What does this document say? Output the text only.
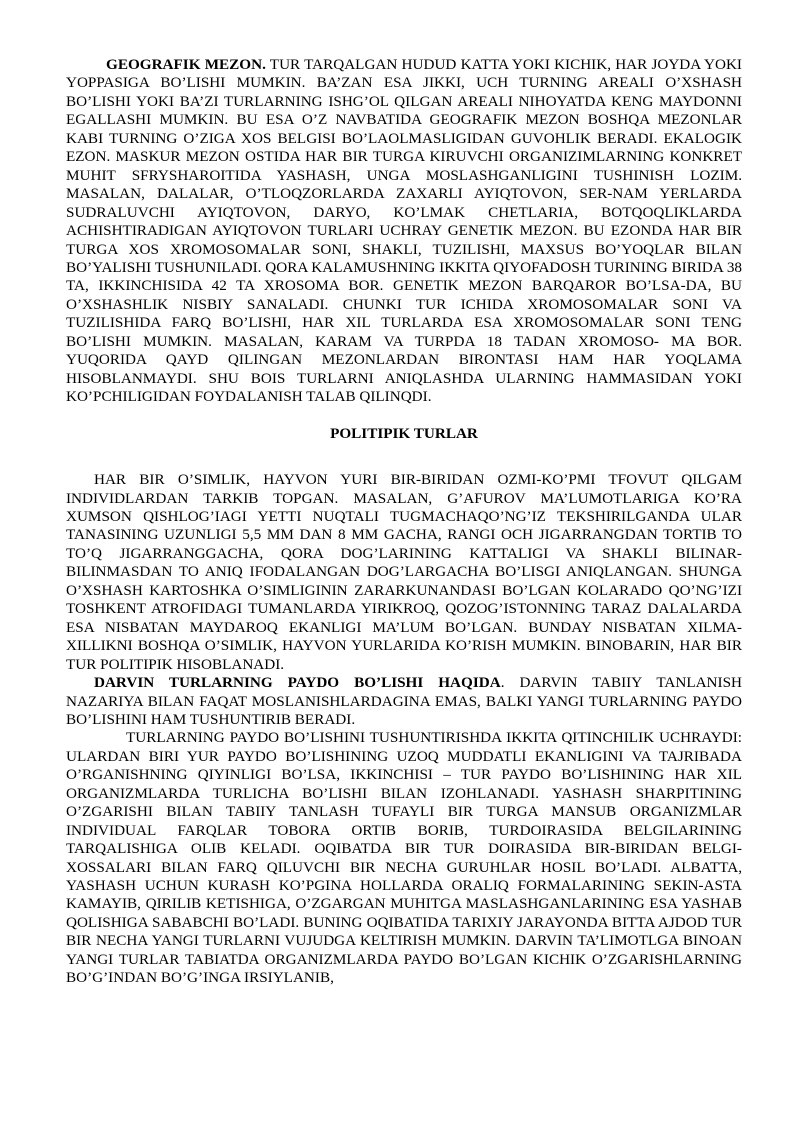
GEOGRAFIK MEZON. TUR TARQALGAN HUDUD KATTA YOKI KICHIK, HAR JOYDA YOKI YOPPASIGA BO’LISHI MUMKIN. BA’ZAN ESA JIKKI, UCH TURNING AREALI O’XSHASH BO’LISHI YOKI BA’ZI TURLARNING ISHG’OL QILGAN AREALI NIHOYATDA KENG MAYDONNI EGALLASHI MUMKIN. BU ESA O’Z NAVBATIDA GEOGRAFIK MEZON BOSHQA MEZONLAR KABI TURNING O’ZIGA XOS BELGISI BO’LAOLMASLIGIDAN GUVOHLIK BERADI. EKALOGIK EZON. MASKUR MEZON OSTIDA HAR BIR TURGA KIRUVCHI ORGANIZIMLARNING KONKRET MUHIT SFRYSHAROITIDA YASHASH, UNGA MOSLASHGANLIGINI TUSHINISH LOZIM. MASALAN, DALALAR, O’TLOQZORLARDA ZAXARLI AYIQTOVON, SER-NAM YERLARDA SUDRALUVCHI AYIQTOVON, DARYO, KO’LMAK CHETLARIA, BOTQOQLIKLARDA ACHISHTIRADIGAN AYIQTOVON TURLARI UCHRAY GENETIK MEZON. BU EZONDA HAR BIR TURGA XOS XROMOSOMALAR SONI, SHAKLI, TUZILISHI, MAXSUS BO’YOQLAR BILAN BO’YALISHI TUSHUNILADI. QORA KALAMUSHNING IKKITA QIYOFADOSH TURINING BIRIDA 38 TA, IKKINCHISIDA 42 TA XROSOMA BOR. GENETIK MEZON BARQAROR BO’LSA-DA, BU O’XSHASHLIK NISBIY SANALADI. CHUNKI TUR ICHIDA XROMOSOMALAR SONI VA TUZILISHIDA FARQ BO’LISHI, HAR XIL TURLARDA ESA XROMOSOMALAR SONI TENG BO’LISHI MUMKIN. MASALAN, KARAM VA TURPDA 18 TADAN XROMOSO- MA BOR. YUQORIDA QAYD QILINGAN MEZONLARDAN BIRONTASI HAM HAR YOQLAMA HISOBLANMAYDI. SHU BOIS TURLARNI ANIQLASHDA ULARNING HAMMASIDAN YOKI KO’PCHILIGIDAN FOYDALANISH TALAB QILINQDI.

POLITIPIK TURLAR

HAR BIR O’SIMLIK, HAYVON YURI BIR-BIRIDAN OZMI-KO’PMI TFOVUT QILGAM INDIVIDLARDAN TARKIB TOPGAN. MASALAN, G’AFUROV MA’LUMOTLARIGA KO’RA XUMSON QISHLOG’IAGI YETTI NUQTALI TUGMACHAQO’NG’IZ TEKSHIRILGANDA ULAR TANASINING UZUNLIGI 5,5 MM DAN 8 MM GACHA, RANGI OCH JIGARRANGDAN TORTIB TO TO’Q JIGARRANGGACHA, QORA DOG’LARINING KATTALIGI VA SHAKLI BILINAR-BILINMASDAN TO ANIQ IFODALANGAN DOG’LARGACHA BO’LISGI ANIQLANGAN. SHUNGA O’XSHASH KARTOSHKA O’SIMLIGININ ZARARKUNANDASI BO’LGAN KOLARADO QO’NG’IZI TOSHKENT ATROFIDAGI TUMANLARDA YIRIKROQ, QOZOG’ISTONNING TARAZ DALALARDA ESA NISBATAN MAYDAROQ EKANLIGI MA’LUM BO’LGAN. BUNDAY NISBATAN XILMA-XILLIKNI BOSHQA O’SIMLIK, HAYVON YURLARIDA KO’RISH MUMKIN. BINOBARIN, HAR BIR TUR POLITIPIK HISOBLANADI.

DARVIN TURLARNING PAYDO BO’LISHI HAQIDA. DARVIN TABIIY TANLANISH NAZARIYA BILAN FAQAT MOSLANISHLARDAGINA EMAS, BALKI YANGI TURLARNING PAYDO BO’LISHINI HAM TUSHUNTIRIB BERADI.

TURLARNING PAYDO BO’LISHINI TUSHUNTIRISHDA IKKITA QITINCHILIK UCHRAYDI: ULARDAN BIRI YUR PAYDO BO’LISHINING UZOQ MUDDATLI EKANLIGINI VA TAJRIBADA O’RGANISHNING QIYINLIGI BO’LSA, IKKINCHISI – TUR PAYDO BO’LISHINING HAR XIL ORGANIZMLARDA TURLICHA BO’LISHI BILAN IZOHLANADI. YASHASH SHARPITINING O’ZGARISHI BILAN TABIIY TANLASH TUFAYLI BIR TURGA MANSUB ORGANIZMLAR INDIVIDUAL FARQLAR TOBORA ORTIB BORIB, TURDOIRASIDA BELGILARINING TARQALISHIGA OLIB KELADI. OQIBATDA BIR TUR DOIRASIDA BIR-BIRIDAN BELGI-XOSSALARI BILAN FARQ QILUVCHI BIR NECHA GURUHLAR HOSIL BO’LADI. ALBATTA, YASHASH UCHUN KURASH KO’PGINA HOLLARDA ORALIQ FORMALARINING SEKIN-ASTA KAMAYIB, QIRILIB KETISHIGA, O’ZGARGAN MUHITGA MASLASHGANLARINING ESA YASHAB QOLISHIGA SABABCHI BO’LADI. BUNING OQIBATIDA TARIXIY JARAYONDA BITTA AJDOD TUR BIR NECHA YANGI TURLARNI VUJUDGA KELTIRISH MUMKIN. DARVIN TA’LIMOTLGA BINOAN YANGI TURLAR TABIATDA ORGANIZMLARDA PAYDO BO’LGAN KICHIK O’ZGARISHLARNING BO’G’INDAN BO’G’INGA IRSIYLANIB,
